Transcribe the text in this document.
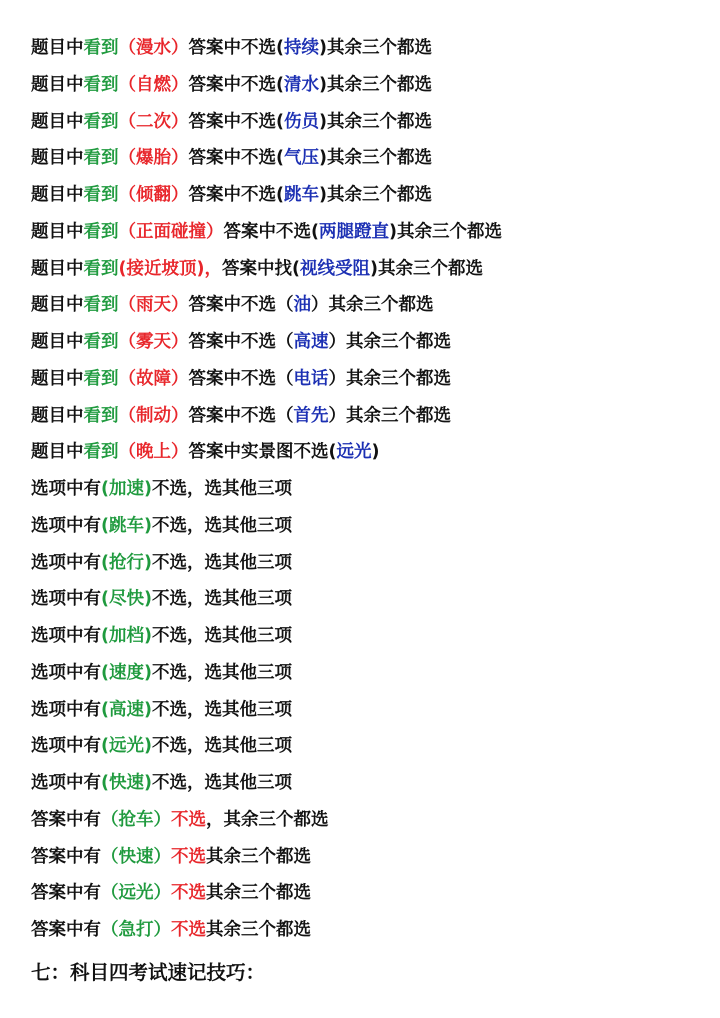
题目中看到（漫水）答案中不选(持续)其余三个都选
题目中看到（自燃）答案中不选(清水)其余三个都选
题目中看到（二次）答案中不选(伤员)其余三个都选
题目中看到（爆胎）答案中不选(气压)其余三个都选
题目中看到（倾翻）答案中不选(跳车)其余三个都选
题目中看到（正面碰撞）答案中不选(两腿蹬直)其余三个都选
题目中看到(接近坡顶)，答案中找(视线受阻)其余三个都选
题目中看到（雨天）答案中不选（油）其余三个都选
题目中看到（雾天）答案中不选（高速）其余三个都选
题目中看到（故障）答案中不选（电话）其余三个都选
题目中看到（制动）答案中不选（首先）其余三个都选
题目中看到（晚上）答案中实景图不选(远光)
选项中有(加速)不选，选其他三项
选项中有(跳车)不选，选其他三项
选项中有(抢行)不选，选其他三项
选项中有(尽快)不选，选其他三项
选项中有(加档)不选，选其他三项
选项中有(速度)不选，选其他三项
选项中有(高速)不选，选其他三项
选项中有(远光)不选，选其他三项
选项中有(快速)不选，选其他三项
答案中有（抢车）不选，其余三个都选
答案中有（快速）不选其余三个都选
答案中有（远光）不选其余三个都选
答案中有（急打）不选其余三个都选
七：科目四考试速记技巧：
